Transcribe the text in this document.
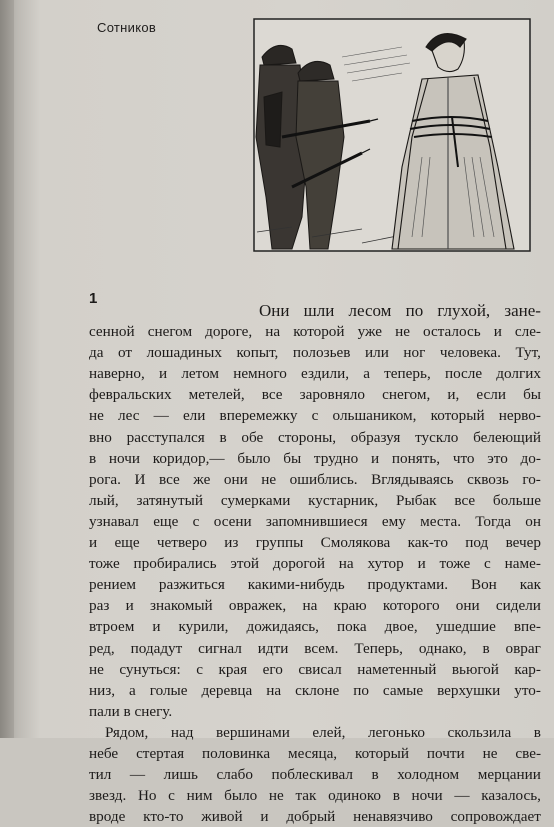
Сотников
1
Они шли лесом по глухой, зане-
сенной снегом дороге, на которой уже не осталось и сле-
да от лошадиных копыт, полозьев или ног человека. Тут,
наверно, и летом немного ездили, а теперь, после долгих
февральских метелей, все заровняло снегом, и, если бы
не лес — ели вперемежку с ольшаником, который нерво-
вно расступался в обе стороны, образуя тускло белеющий
в ночи коридор,— было бы трудно и понять, что это до-
рога. И все же они не ошиблись. Вглядываясь сквозь го-
лый, затянутый сумерками кустарник, Рыбак все больше
узнавал еще с осени запомнившиеся ему места. Тогда он
и еще четверо из группы Смолякова как-то под вечер
тоже пробирались этой дорогой на хутор и тоже с наме-
рением разжиться какими-нибудь продуктами. Вон как
раз и знакомый овражек, на краю которого они сидели
втроем и курили, дожидаясь, пока двое, ушедшие впе-
ред, подадут сигнал идти всем. Теперь, однако, в овраг
не сунуться: с края его свисал наметенный вьюгой кар-
низ, а голые деревца на склоне по самые верхушки уто-
пали в снегу.
Рядом, над вершинами елей, легонько скользила в
небе стертая половинка месяца, который почти не све-
тил — лишь слабо поблескивал в холодном мерцании
звезд. Но с ним было не так одиноко в ночи — казалось,
вроде кто-то живой и добрый ненавязчиво сопровождает
